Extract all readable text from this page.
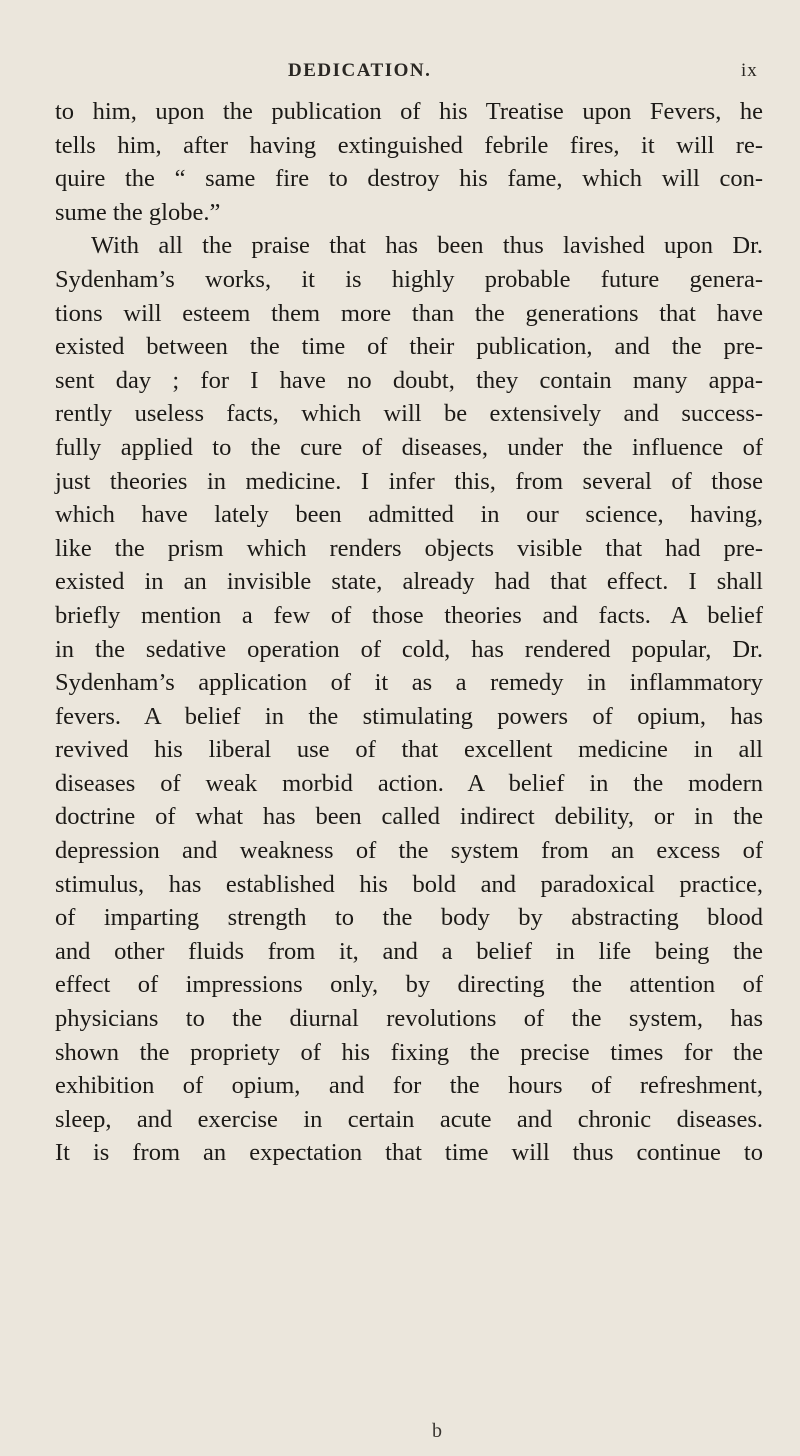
DEDICATION.	ix
to him, upon the publication of his Treatise upon Fevers, he
tells him, after having extinguished febrile fires, it will re-
quire the “ same fire to destroy his fame, which will con-
sume the globe.”
With all the praise that has been thus lavished upon Dr.
Sydenham’s works, it is highly probable future genera-
tions will esteem them more than the generations that have
existed between the time of their publication, and the pre-
sent day ; for I have no doubt, they contain many appa-
rently useless facts, which will be extensively and success-
fully applied to the cure of diseases, under the influence of
just theories in medicine. I infer this, from several of those
which have lately been admitted in our science, having,
like the prism which renders objects visible that had pre-
existed in an invisible state, already had that effect. I shall
briefly mention a few of those theories and facts. A belief
in the sedative operation of cold, has rendered popular, Dr.
Sydenham’s application of it as a remedy in inflammatory
fevers. A belief in the stimulating powers of opium, has
revived his liberal use of that excellent medicine in all
diseases of weak morbid action. A belief in the modern
doctrine of what has been called indirect debility, or in the
depression and weakness of the system from an excess of
stimulus, has established his bold and paradoxical practice,
of imparting strength to the body by abstracting blood
and other fluids from it, and a belief in life being the
effect of impressions only, by directing the attention of
physicians to the diurnal revolutions of the system, has
shown the propriety of his fixing the precise times for the
exhibition of opium, and for the hours of refreshment,
sleep, and exercise in certain acute and chronic diseases.
It is from an expectation that time will thus continue to
b
